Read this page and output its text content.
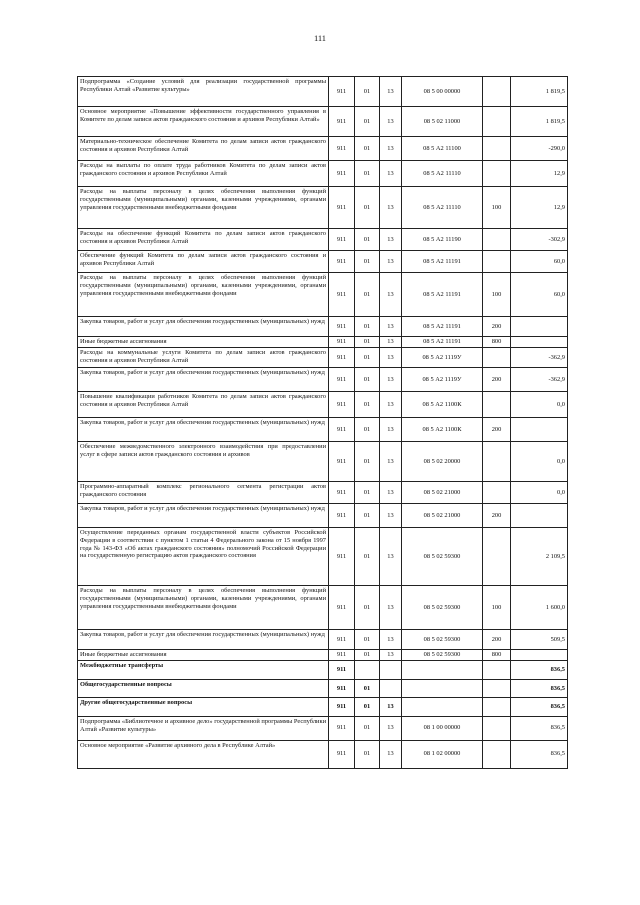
111
Подпрограмма «Создание условий для реализации государственной программы Республики Алтай «Развитие культуры»	911	01	13	08 5 00 00000		1 819,5	
Основное мероприятие «Повышение эффективности государственного управления в Комитете по делам записи актов гражданского состояния и архивов Республики Алтай»	911	01	13	08 5 02 11000		1 819,5	
Материально-техническое обеспечение Комитета по делам записи актов гражданского состояния и архивов Республики Алтай	911	01	13	08 5 А2 11100		-290,0	
Расходы на выплаты по оплате труда работников Комитета по делам записи актов гражданского состояния и архивов Республики Алтай	911	01	13	08 5 А2 11110		12,9	
Расходы на выплаты персоналу в целях обеспечения выполнения функций государственными (муниципальными) органами, казенными учреждениями, органами управления государственными внебюджетными фондами	911	01	13	08 5 А2 11110	100	12,9	
Расходы на обеспечение функций Комитета по делам записи актов гражданского состояния и архивов Республики Алтай	911	01	13	08 5 А2 11190		-302,9	
Обеспечение функций Комитета по делам записи актов гражданского состояния и архивов Республики Алтай	911	01	13	08 5 А2 11191		60,0	
Расходы на выплаты персоналу в целях обеспечения выполнения функций государственными (муниципальными) органами, казенными учреждениями, органами управления государственными внебюджетными фондами	911	01	13	08 5 А2 11191	100	60,0	
Закупка товаров, работ и услуг для обеспечения государственных (муниципальных) нужд	911	01	13	08 5 А2 11191	200		
Иные бюджетные ассигнования	911	01	13	08 5 А2 11191	800		
Расходы на коммунальные услуги Комитета по делам записи актов гражданского состояния и архивов Республики Алтай	911	01	13	08 5 А2 1119У		-362,9	
Закупка товаров, работ и услуг для обеспечения государственных (муниципальных) нужд	911	01	13	08 5 А2 1119У	200	-362,9	
Повышение квалификации работников Комитета по делам записи актов гражданского состояния и архивов Республики Алтай	911	01	13	08 5 А2 1100К		0,0	
Закупка товаров, работ и услуг для обеспечения государственных (муниципальных) нужд	911	01	13	08 5 А2 1100К	200		
Обеспечение межведомственного электронного взаимодействия при предоставлении услуг в сфере записи актов гражданского состояния и архивов	911	01	13	08 5 02 20000		0,0	
Программно-аппаратный комплекс регионального сегмента регистрации актов гражданского состояния	911	01	13	08 5 02 21000		0,0	
Закупка товаров, работ и услуг для обеспечения государственных (муниципальных) нужд	911	01	13	08 5 02 21000	200		
Осуществление переданных органам государственной власти субъектов Российской Федерации в соответствии с пунктом 1 статьи 4 Федерального закона от 15 ноября 1997 года № 143-ФЗ «Об актах гражданского состояния» полномочий Российской Федерации на государственную регистрацию актов гражданского состояния	911	01	13	08 5 02 59300		2 109,5	
Расходы на выплаты персоналу в целях обеспечения выполнения функций государственными (муниципальными) органами, казенными учреждениями, органами управления государственными внебюджетными фондами	911	01	13	08 5 02 59300	100	1 600,0	
Закупка товаров, работ и услуг для обеспечения государственных (муниципальных) нужд	911	01	13	08 5 02 59300	200	509,5	
Иные бюджетные ассигнования	911	01	13	08 5 02 59300	800		
Межбюджетные трансферты	911					836,5	
Общегосударственные вопросы	911	01				836,5	
Другие общегосударственные вопросы	911	01	13			836,5	
Подпрограмма «Библиотечное и архивное дело» государственной программы Республики Алтай «Развитие культуры»	911	01	13	08 1 00 00000		836,5	
Основное мероприятие «Развитие архивного дела в Республике Алтай»	911	01	13	08 1 02 00000		836,5	
